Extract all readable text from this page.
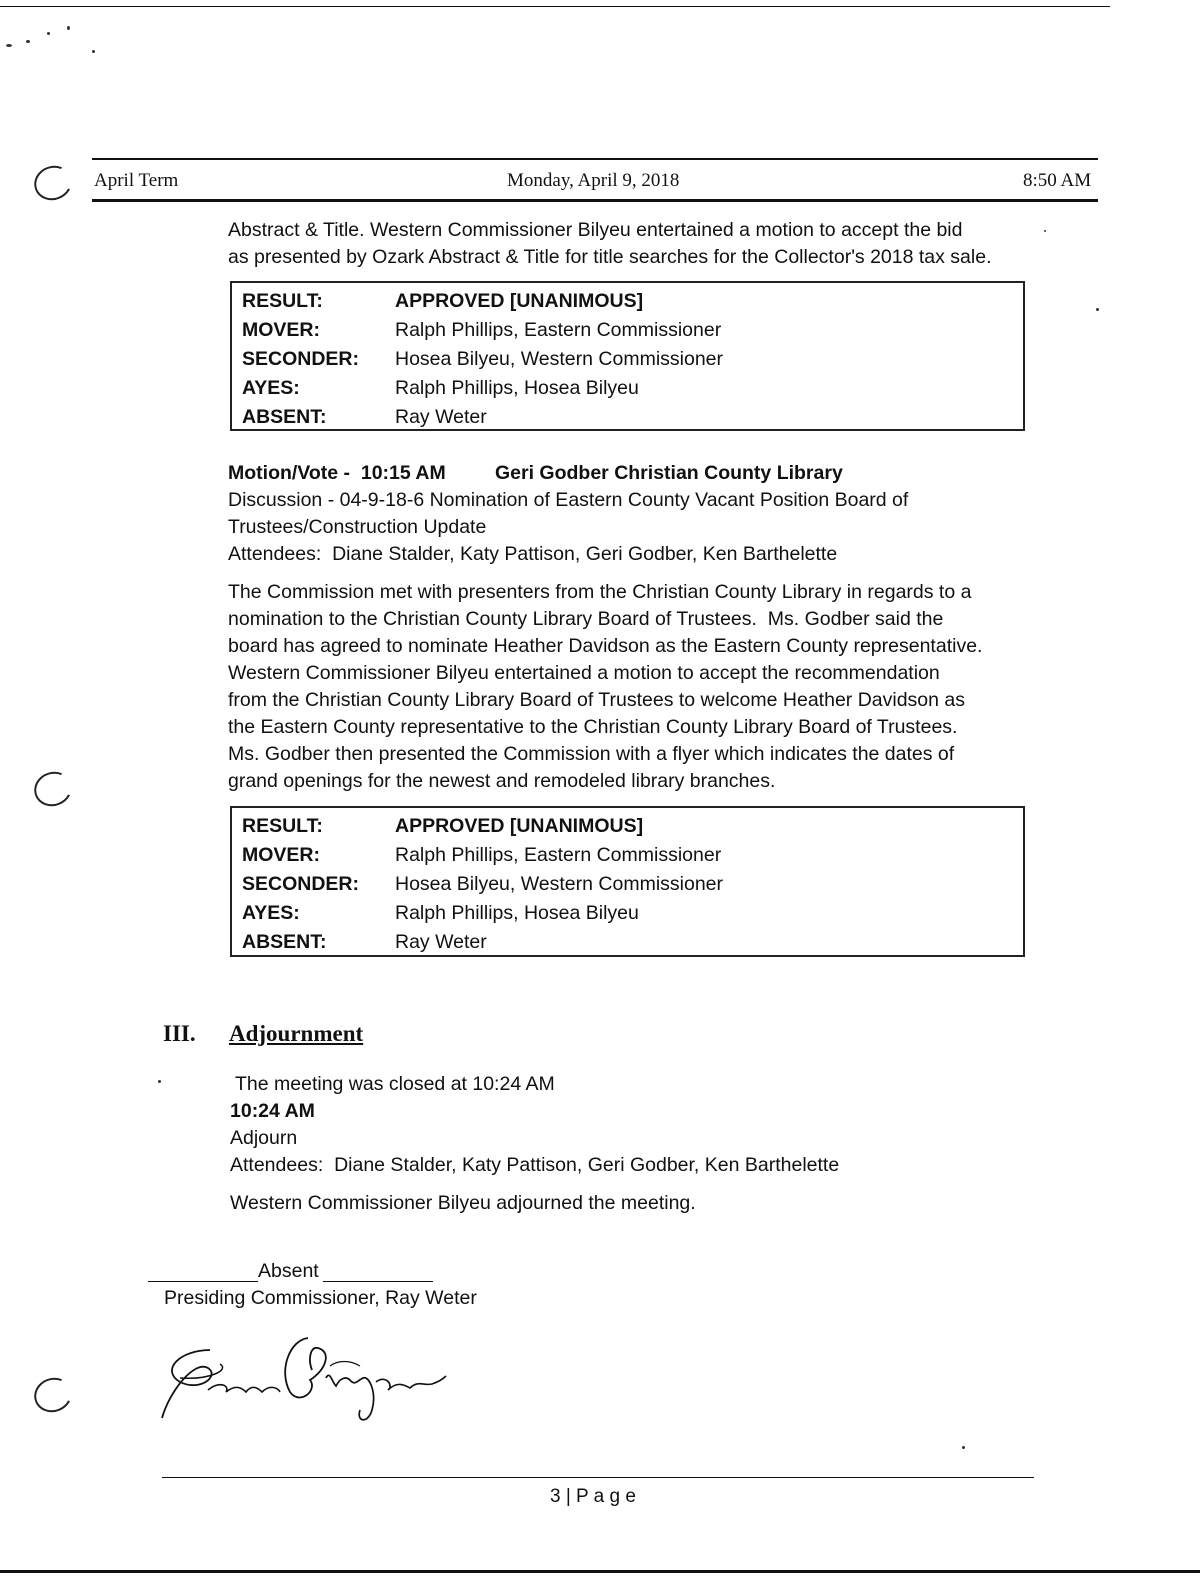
April Term	Monday, April 9, 2018	8:50 AM
Abstract & Title. Western Commissioner Bilyeu entertained a motion to accept the bid
as presented by Ozark Abstract & Title for title searches for the Collector's 2018 tax sale.
RESULT:	APPROVED [UNANIMOUS]
MOVER:	Ralph Phillips, Eastern Commissioner
SECONDER:	Hosea Bilyeu, Western Commissioner
AYES:	Ralph Phillips, Hosea Bilyeu
ABSENT:	Ray Weter
Motion/Vote -  10:15 AM	Geri Godber Christian County Library
Discussion - 04-9-18-6 Nomination of Eastern County Vacant Position Board of
Trustees/Construction Update
Attendees:  Diane Stalder, Katy Pattison, Geri Godber, Ken Barthelette
The Commission met with presenters from the Christian County Library in regards to a
nomination to the Christian County Library Board of Trustees.  Ms. Godber said the
board has agreed to nominate Heather Davidson as the Eastern County representative.
Western Commissioner Bilyeu entertained a motion to accept the recommendation
from the Christian County Library Board of Trustees to welcome Heather Davidson as
the Eastern County representative to the Christian County Library Board of Trustees.
Ms. Godber then presented the Commission with a flyer which indicates the dates of
grand openings for the newest and remodeled library branches.
RESULT:	APPROVED [UNANIMOUS]
MOVER:	Ralph Phillips, Eastern Commissioner
SECONDER:	Hosea Bilyeu, Western Commissioner
AYES:	Ralph Phillips, Hosea Bilyeu
ABSENT:	Ray Weter
III. Adjournment
The meeting was closed at 10:24 AM
10:24 AM
Adjourn
Attendees:  Diane Stalder, Katy Pattison, Geri Godber, Ken Barthelette
Western Commissioner Bilyeu adjourned the meeting.
Absent
Presiding Commissioner, Ray Weter
3 | P a g e
